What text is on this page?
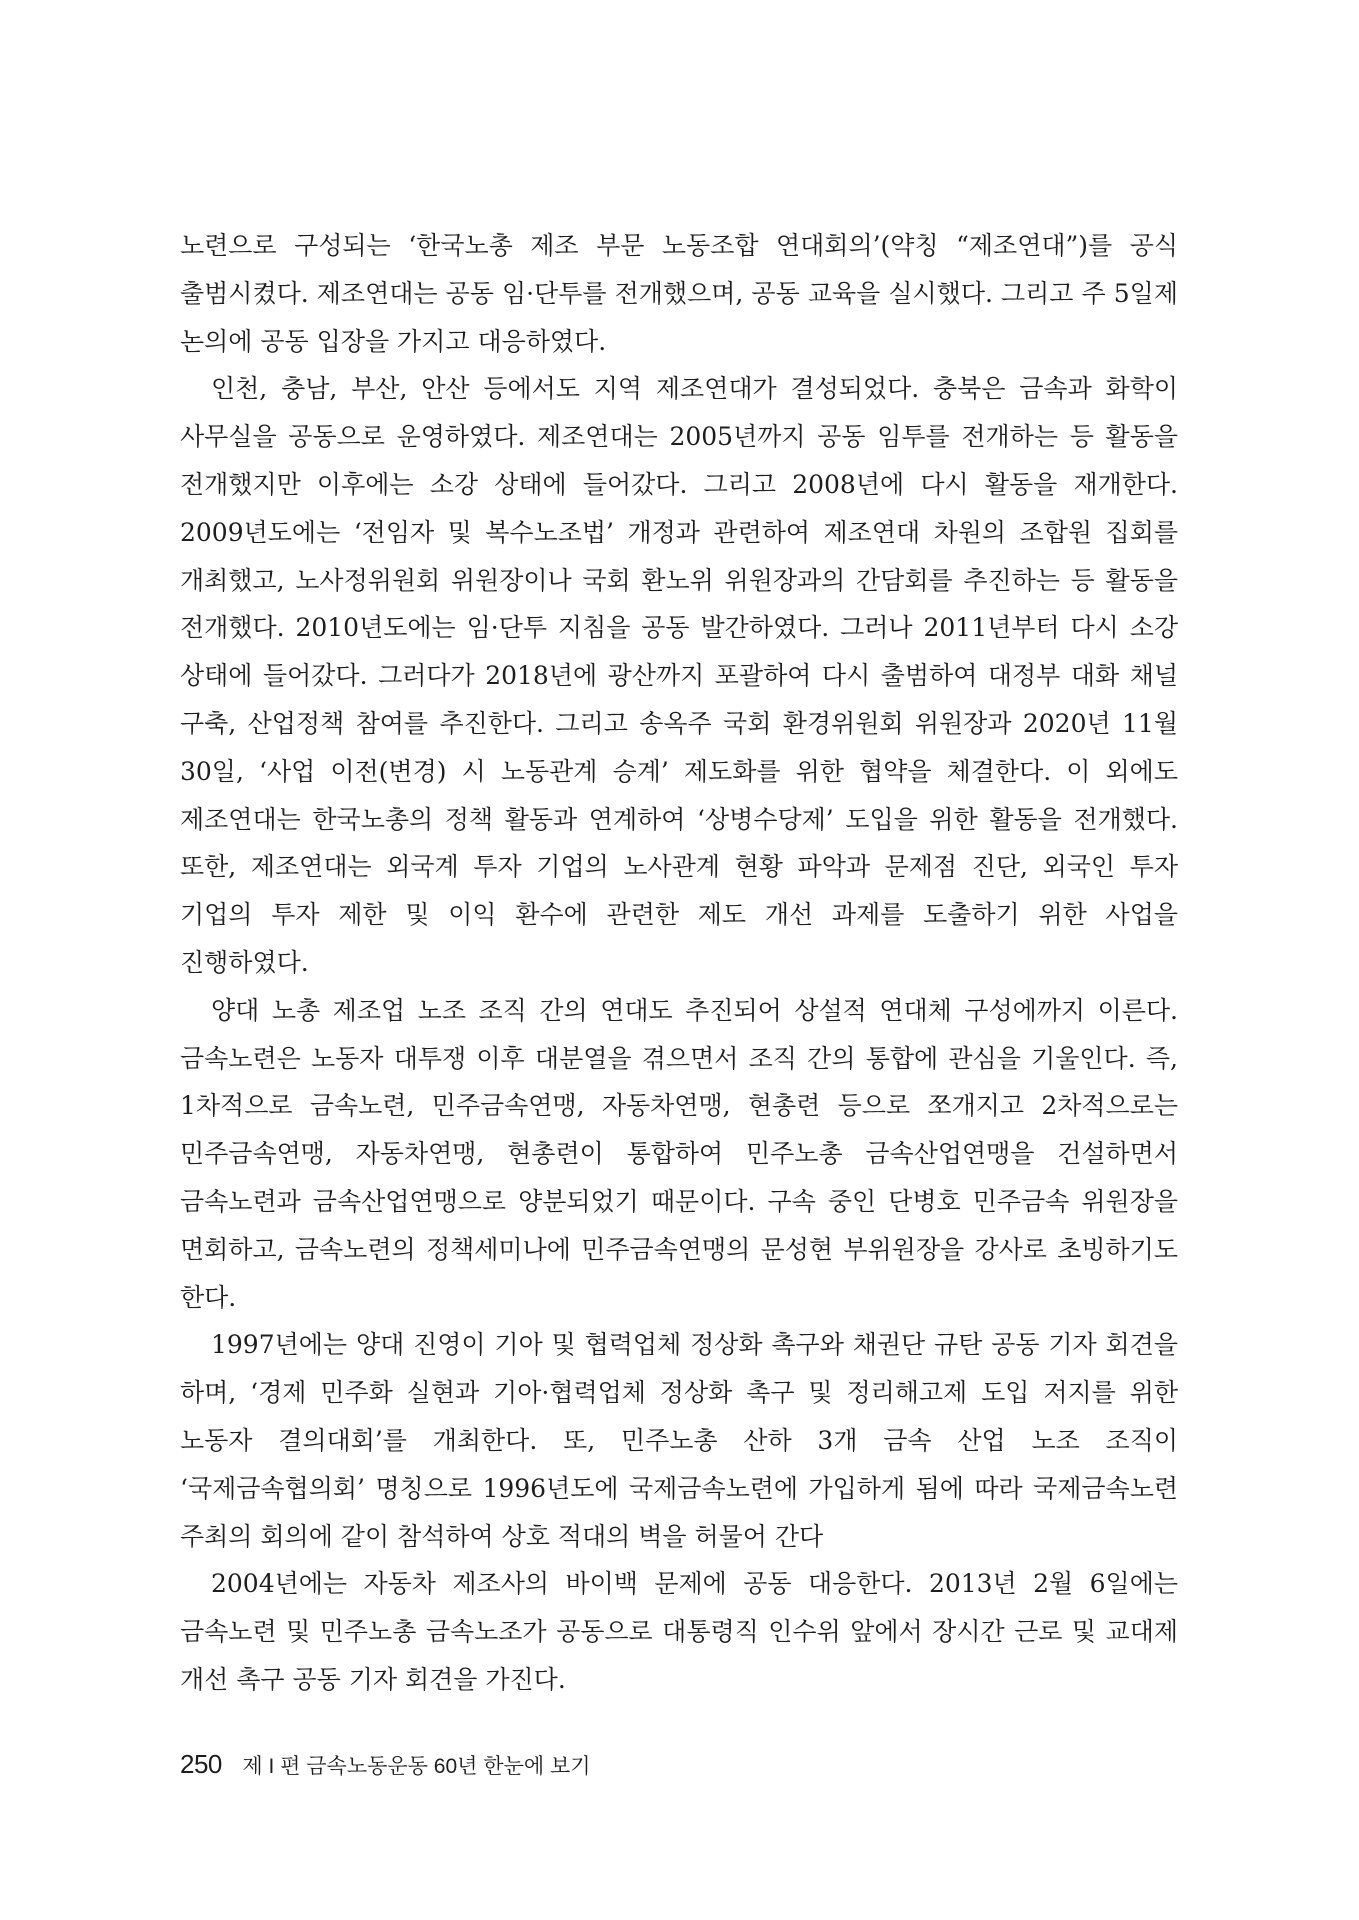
노련으로 구성되는 ‘한국노총 제조 부문 노동조합 연대회의’(약칭 “제조연대”)를 공식 출범시켰다. 제조연대는 공동 임·단투를 전개했으며, 공동 교육을 실시했다. 그리고 주 5일제 논의에 공동 입장을 가지고 대응하였다.

인천, 충남, 부산, 안산 등에서도 지역 제조연대가 결성되었다. 충북은 금속과 화학이 사무실을 공동으로 운영하였다. 제조연대는 2005년까지 공동 임투를 전개하는 등 활동을 전개했지만 이후에는 소강 상태에 들어갔다. 그리고 2008년에 다시 활동을 재개한다. 2009년도에는 ‘전임자 및 복수노조법’ 개정과 관련하여 제조연대 차원의 조합원 집회를 개최했고, 노사정위원회 위원장이나 국회 환노위 위원장과의 간담회를 추진하는 등 활동을 전개했다. 2010년도에는 임·단투 지침을 공동 발간하였다. 그러나 2011년부터 다시 소강 상태에 들어갔다. 그러다가 2018년에 광산까지 포괄하여 다시 출범하여 대정부 대화 채널 구축, 산업정책 참여를 추진한다. 그리고 송옥주 국회 환경위원회 위원장과 2020년 11월 30일, ‘사업 이전(변경) 시 노동관계 승계’ 제도화를 위한 협약을 체결한다. 이 외에도 제조연대는 한국노총의 정책 활동과 연계하여 ‘상병수당제’ 도입을 위한 활동을 전개했다. 또한, 제조연대는 외국계 투자 기업의 노사관계 현황 파악과 문제점 진단, 외국인 투자 기업의 투자 제한 및 이익 환수에 관련한 제도 개선 과제를 도출하기 위한 사업을 진행하였다.

양대 노총 제조업 노조 조직 간의 연대도 추진되어 상설적 연대체 구성에까지 이른다. 금속노련은 노동자 대투쟁 이후 대분열을 겪으면서 조직 간의 통합에 관심을 기울인다. 즉, 1차적으로 금속노련, 민주금속연맹, 자동차연맹, 현총련 등으로 쪼개지고 2차적으로는 민주금속연맹, 자동차연맹, 현총련이 통합하여 민주노총 금속산업연맹을 건설하면서 금속노련과 금속산업연맹으로 양분되었기 때문이다. 구속 중인 단병호 민주금속 위원장을 면회하고, 금속노련의 정책세미나에 민주금속연맹의 문성현 부위원장을 강사로 초빙하기도 한다.

1997년에는 양대 진영이 기아 및 협력업체 정상화 촉구와 채권단 규탄 공동 기자 회견을 하며, ‘경제 민주화 실현과 기아·협력업체 정상화 촉구 및 정리해고제 도입 저지를 위한 노동자 결의대회’를 개최한다. 또, 민주노총 산하 3개 금속 산업 노조 조직이 ‘국제금속협의회’ 명칭으로 1996년도에 국제금속노련에 가입하게 됨에 따라 국제금속노련 주최의 회의에 같이 참석하여 상호 적대의 벽을 허물어 간다

2004년에는 자동차 제조사의 바이백 문제에 공동 대응한다. 2013년 2월 6일에는 금속노련 및 민주노총 금속노조가 공동으로 대통령직 인수위 앞에서 장시간 근로 및 교대제 개선 촉구 공동 기자 회견을 가진다.

250 제 I 편 금속노동운동 60년 한눈에 보기
